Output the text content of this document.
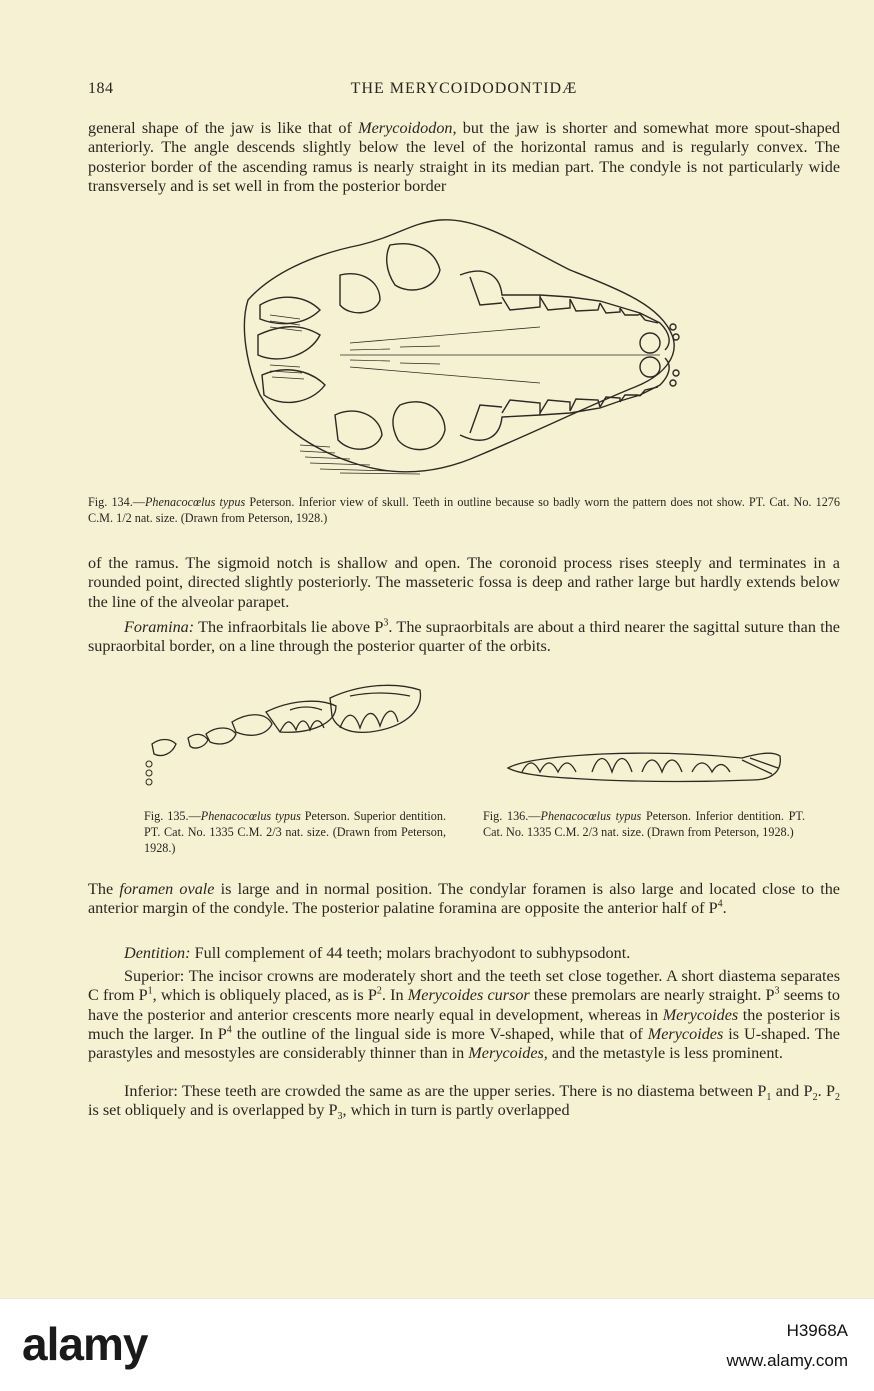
184	THE MERYCOIDODONTIDÆ

general shape of the jaw is like that of Merycoidodon, but the jaw is shorter and somewhat more spout-shaped anteriorly. The angle descends slightly below the level of the horizontal ramus and is regularly convex. The posterior border of the ascending ramus is nearly straight in its median part. The condyle is not particularly wide transversely and is set well in from the posterior border

Fig. 134.—Phenacocœlus typus Peterson. Inferior view of skull. Teeth in outline because so badly worn the pattern does not show. PT. Cat. No. 1276 C.M. 1/2 nat. size. (Drawn from Peterson, 1928.)

of the ramus. The sigmoid notch is shallow and open. The coronoid process rises steeply and terminates in a rounded point, directed slightly posteriorly. The masseteric fossa is deep and rather large but hardly extends below the line of the alveolar parapet.

Foramina: The infraorbitals lie above $P^3$. The supraorbitals are about a third nearer the sagittal suture than the supraorbital border, on a line through the posterior quarter of the orbits.

Fig. 135.—Phenacocœlus typus Peterson. Superior dentition. PT. Cat. No. 1335 C.M. 2/3 nat. size. (Drawn from Peterson, 1928.)
Fig. 136.—Phenacocœlus typus Peterson. Inferior dentition. PT. Cat. No. 1335 C.M. 2/3 nat. size. (Drawn from Peterson, 1928.)

The foramen ovale is large and in normal position. The condylar foramen is also large and located close to the anterior margin of the condyle. The posterior palatine foramina are opposite the anterior half of $P^4$.

Dentition: Full complement of 44 teeth; molars brachyodont to subhypsodont.

Superior: The incisor crowns are moderately short and the teeth set close together. A short diastema separates C from $P^1$, which is obliquely placed, as is $P^2$. In Merycoides cursor these premolars are nearly straight. $P^3$ seems to have the posterior and anterior crescents more nearly equal in development, whereas in Merycoides the posterior is much the larger. In $P^4$ the outline of the lingual side is more V-shaped, while that of Merycoides is U-shaped. The parastyles and mesostyles are considerably thinner than in Merycoides, and the metastyle is less prominent.

Inferior: These teeth are crowded the same as are the upper series. There is no diastema between $P_1$ and $P_2$. $P_2$ is set obliquely and is overlapped by $P_3$, which in turn is partly overlapped

alamy	H3968A
www.alamy.com
